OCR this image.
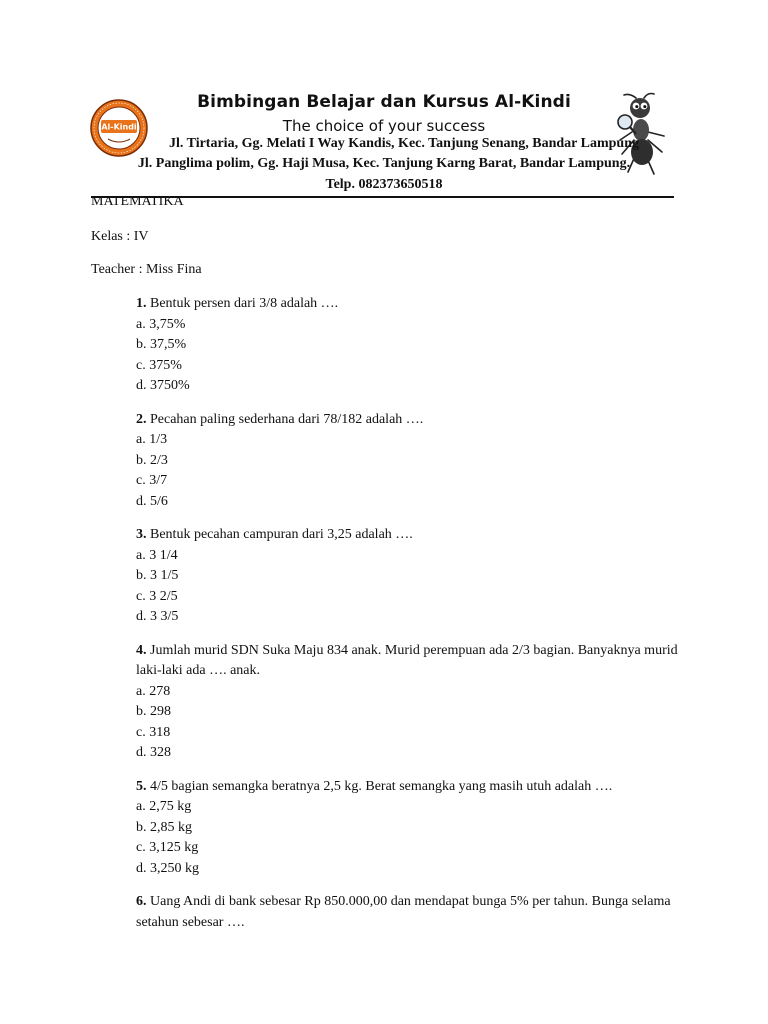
Al-Kindi
Bimbingan Belajar dan Kursus Al-Kindi
The choice of your success
Jl. Tirtaria, Gg. Melati I Way Kandis, Kec. Tanjung Senang, Bandar Lampung
Jl. Panglima polim, Gg. Haji Musa, Kec. Tanjung Karng Barat, Bandar Lampung.
Telp. 082373650518
MATEMATIKA
Kelas : IV
Teacher : Miss Fina
1. Bentuk persen dari 3/8 adalah ….
a. 3,75%
b. 37,5%
c. 375%
d. 3750%
2. Pecahan paling sederhana dari 78/182 adalah ….
a. 1/3
b. 2/3
c. 3/7
d. 5/6
3. Bentuk pecahan campuran dari 3,25 adalah ….
a. 3 1/4
b. 3 1/5
c. 3 2/5
d. 3 3/5
4. Jumlah murid SDN Suka Maju 834 anak. Murid perempuan ada 2/3 bagian. Banyaknya murid laki-laki ada …. anak.
a. 278
b. 298
c. 318
d. 328
5. 4/5 bagian semangka beratnya 2,5 kg. Berat semangka yang masih utuh adalah ….
a. 2,75 kg
b. 2,85 kg
c. 3,125 kg
d. 3,250 kg
6. Uang Andi di bank sebesar Rp 850.000,00 dan mendapat bunga 5% per tahun. Bunga selama setahun sebesar ….
